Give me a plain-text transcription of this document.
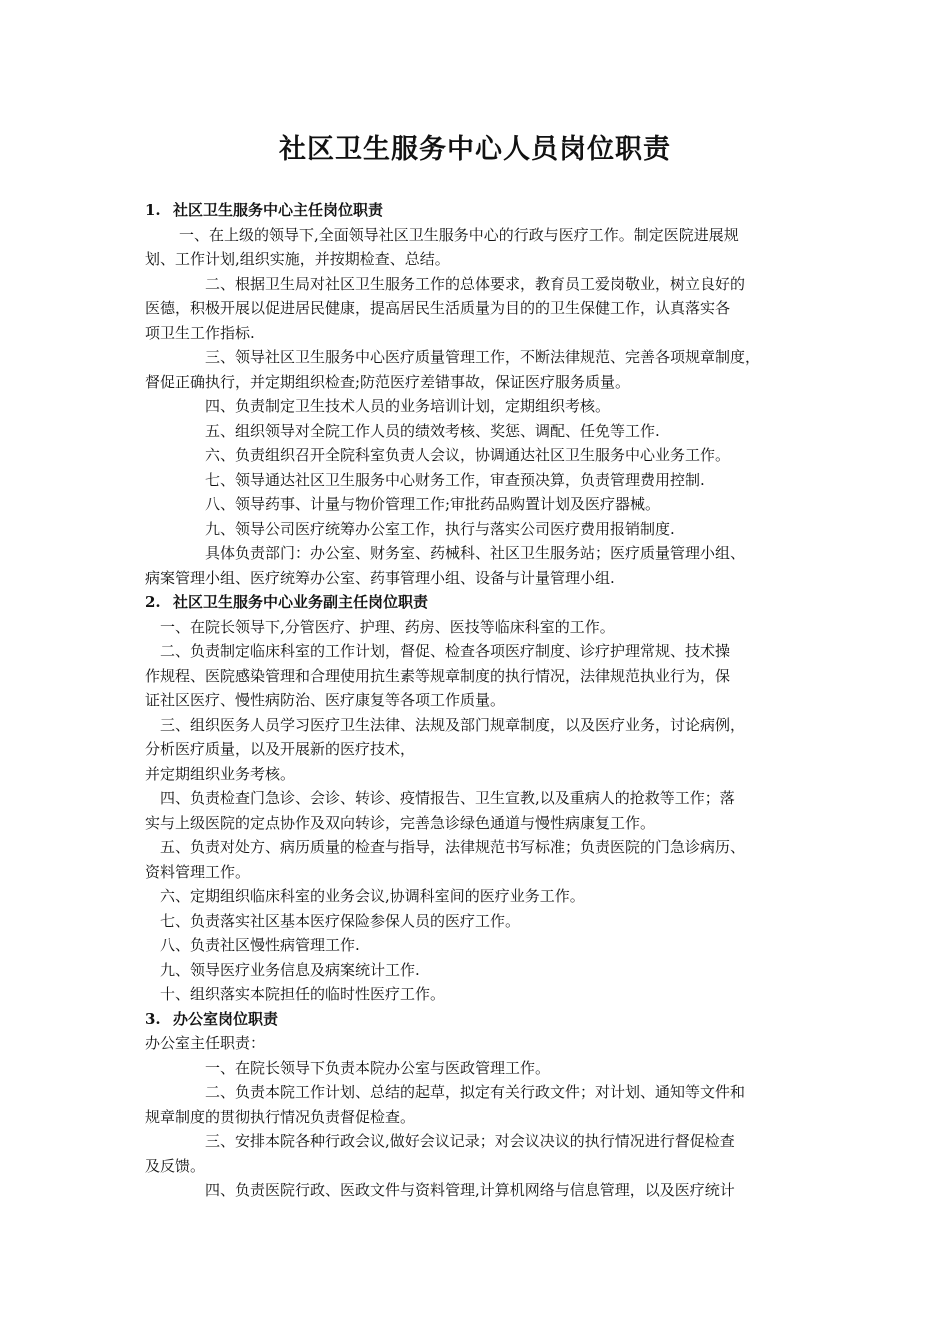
社区卫生服务中心人员岗位职责
1. 社区卫生服务中心主任岗位职责
一、在上级的领导下,全面领导社区卫生服务中心的行政与医疗工作。制定医院进展规
划、工作计划,组织实施，并按期检查、总结。
二、根据卫生局对社区卫生服务工作的总体要求，教育员工爱岗敬业，树立良好的
医德，积极开展以促进居民健康，提高居民生活质量为目的的卫生保健工作，认真落实各
项卫生工作指标.
三、领导社区卫生服务中心医疗质量管理工作，不断法律规范、完善各项规章制度，
督促正确执行，并定期组织检查;防范医疗差错事故，保证医疗服务质量。
四、负责制定卫生技术人员的业务培训计划，定期组织考核。
五、组织领导对全院工作人员的绩效考核、奖惩、调配、任免等工作.
六、负责组织召开全院科室负责人会议，协调通达社区卫生服务中心业务工作。
七、领导通达社区卫生服务中心财务工作，审查预决算，负责管理费用控制.
八、领导药事、计量与物价管理工作;审批药品购置计划及医疗器械。
九、领导公司医疗统筹办公室工作，执行与落实公司医疗费用报销制度.
具体负责部门：办公室、财务室、药械科、社区卫生服务站；医疗质量管理小组、
病案管理小组、医疗统筹办公室、药事管理小组、设备与计量管理小组.
2. 社区卫生服务中心业务副主任岗位职责
一、在院长领导下,分管医疗、护理、药房、医技等临床科室的工作。
二、负责制定临床科室的工作计划，督促、检查各项医疗制度、诊疗护理常规、技术操
作规程、医院感染管理和合理使用抗生素等规章制度的执行情况，法律规范执业行为，保
证社区医疗、慢性病防治、医疗康复等各项工作质量。
三、组织医务人员学习医疗卫生法律、法规及部门规章制度，以及医疗业务，讨论病例，
分析医疗质量，以及开展新的医疗技术，
并定期组织业务考核。
四、负责检查门急诊、会诊、转诊、疫情报告、卫生宣教,以及重病人的抢救等工作；落
实与上级医院的定点协作及双向转诊，完善急诊绿色通道与慢性病康复工作。
五、负责对处方、病历质量的检查与指导，法律规范书写标准；负责医院的门急诊病历、
资料管理工作。
六、定期组织临床科室的业务会议,协调科室间的医疗业务工作。
七、负责落实社区基本医疗保险参保人员的医疗工作。
八、负责社区慢性病管理工作.
九、领导医疗业务信息及病案统计工作.
十、组织落实本院担任的临时性医疗工作。
3. 办公室岗位职责
办公室主任职责：
一、在院长领导下负责本院办公室与医政管理工作。
二、负责本院工作计划、总结的起草，拟定有关行政文件；对计划、通知等文件和
规章制度的贯彻执行情况负责督促检查。
三、安排本院各种行政会议,做好会议记录；对会议决议的执行情况进行督促检查
及反馈。
四、负责医院行政、医政文件与资料管理,计算机网络与信息管理，以及医疗统计
